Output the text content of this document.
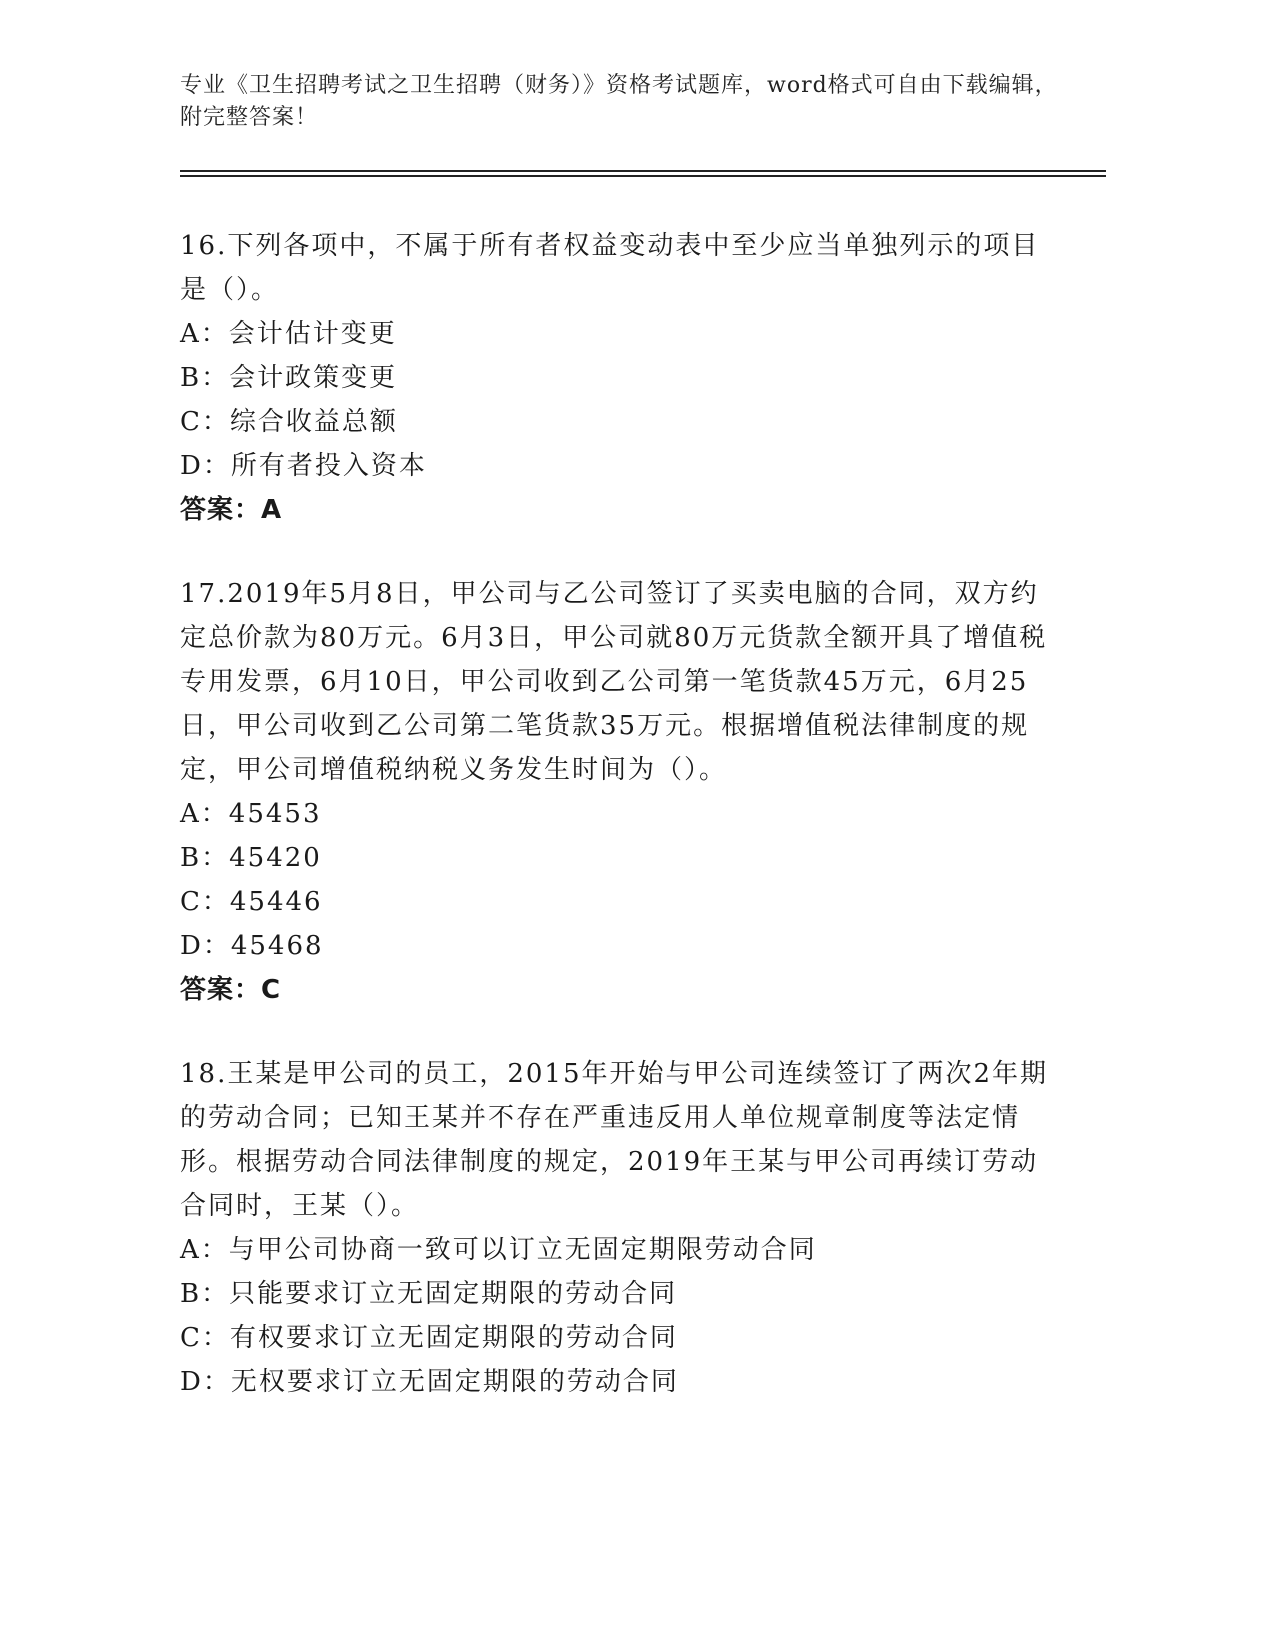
专业《卫生招聘考试之卫生招聘（财务）》资格考试题库，word格式可自由下载编辑，附完整答案！

16.下列各项中，不属于所有者权益变动表中至少应当单独列示的项目是（）。

A：会计估计变更

B：会计政策变更

C：综合收益总额

D：所有者投入资本

答案：A

17.2019年5月8日，甲公司与乙公司签订了买卖电脑的合同，双方约定总价款为80万元。6月3日，甲公司就80万元货款全额开具了增值税专用发票，6月10日，甲公司收到乙公司第一笔货款45万元，6月25日，甲公司收到乙公司第二笔货款35万元。根据增值税法律制度的规定，甲公司增值税纳税义务发生时间为（）。

A：45453

B：45420

C：45446

D：45468

答案：C

18.王某是甲公司的员工，2015年开始与甲公司连续签订了两次2年期的劳动合同；已知王某并不存在严重违反用人单位规章制度等法定情形。根据劳动合同法律制度的规定，2019年王某与甲公司再续订劳动合同时，王某（）。

A：与甲公司协商一致可以订立无固定期限劳动合同

B：只能要求订立无固定期限的劳动合同

C：有权要求订立无固定期限的劳动合同

D：无权要求订立无固定期限的劳动合同
